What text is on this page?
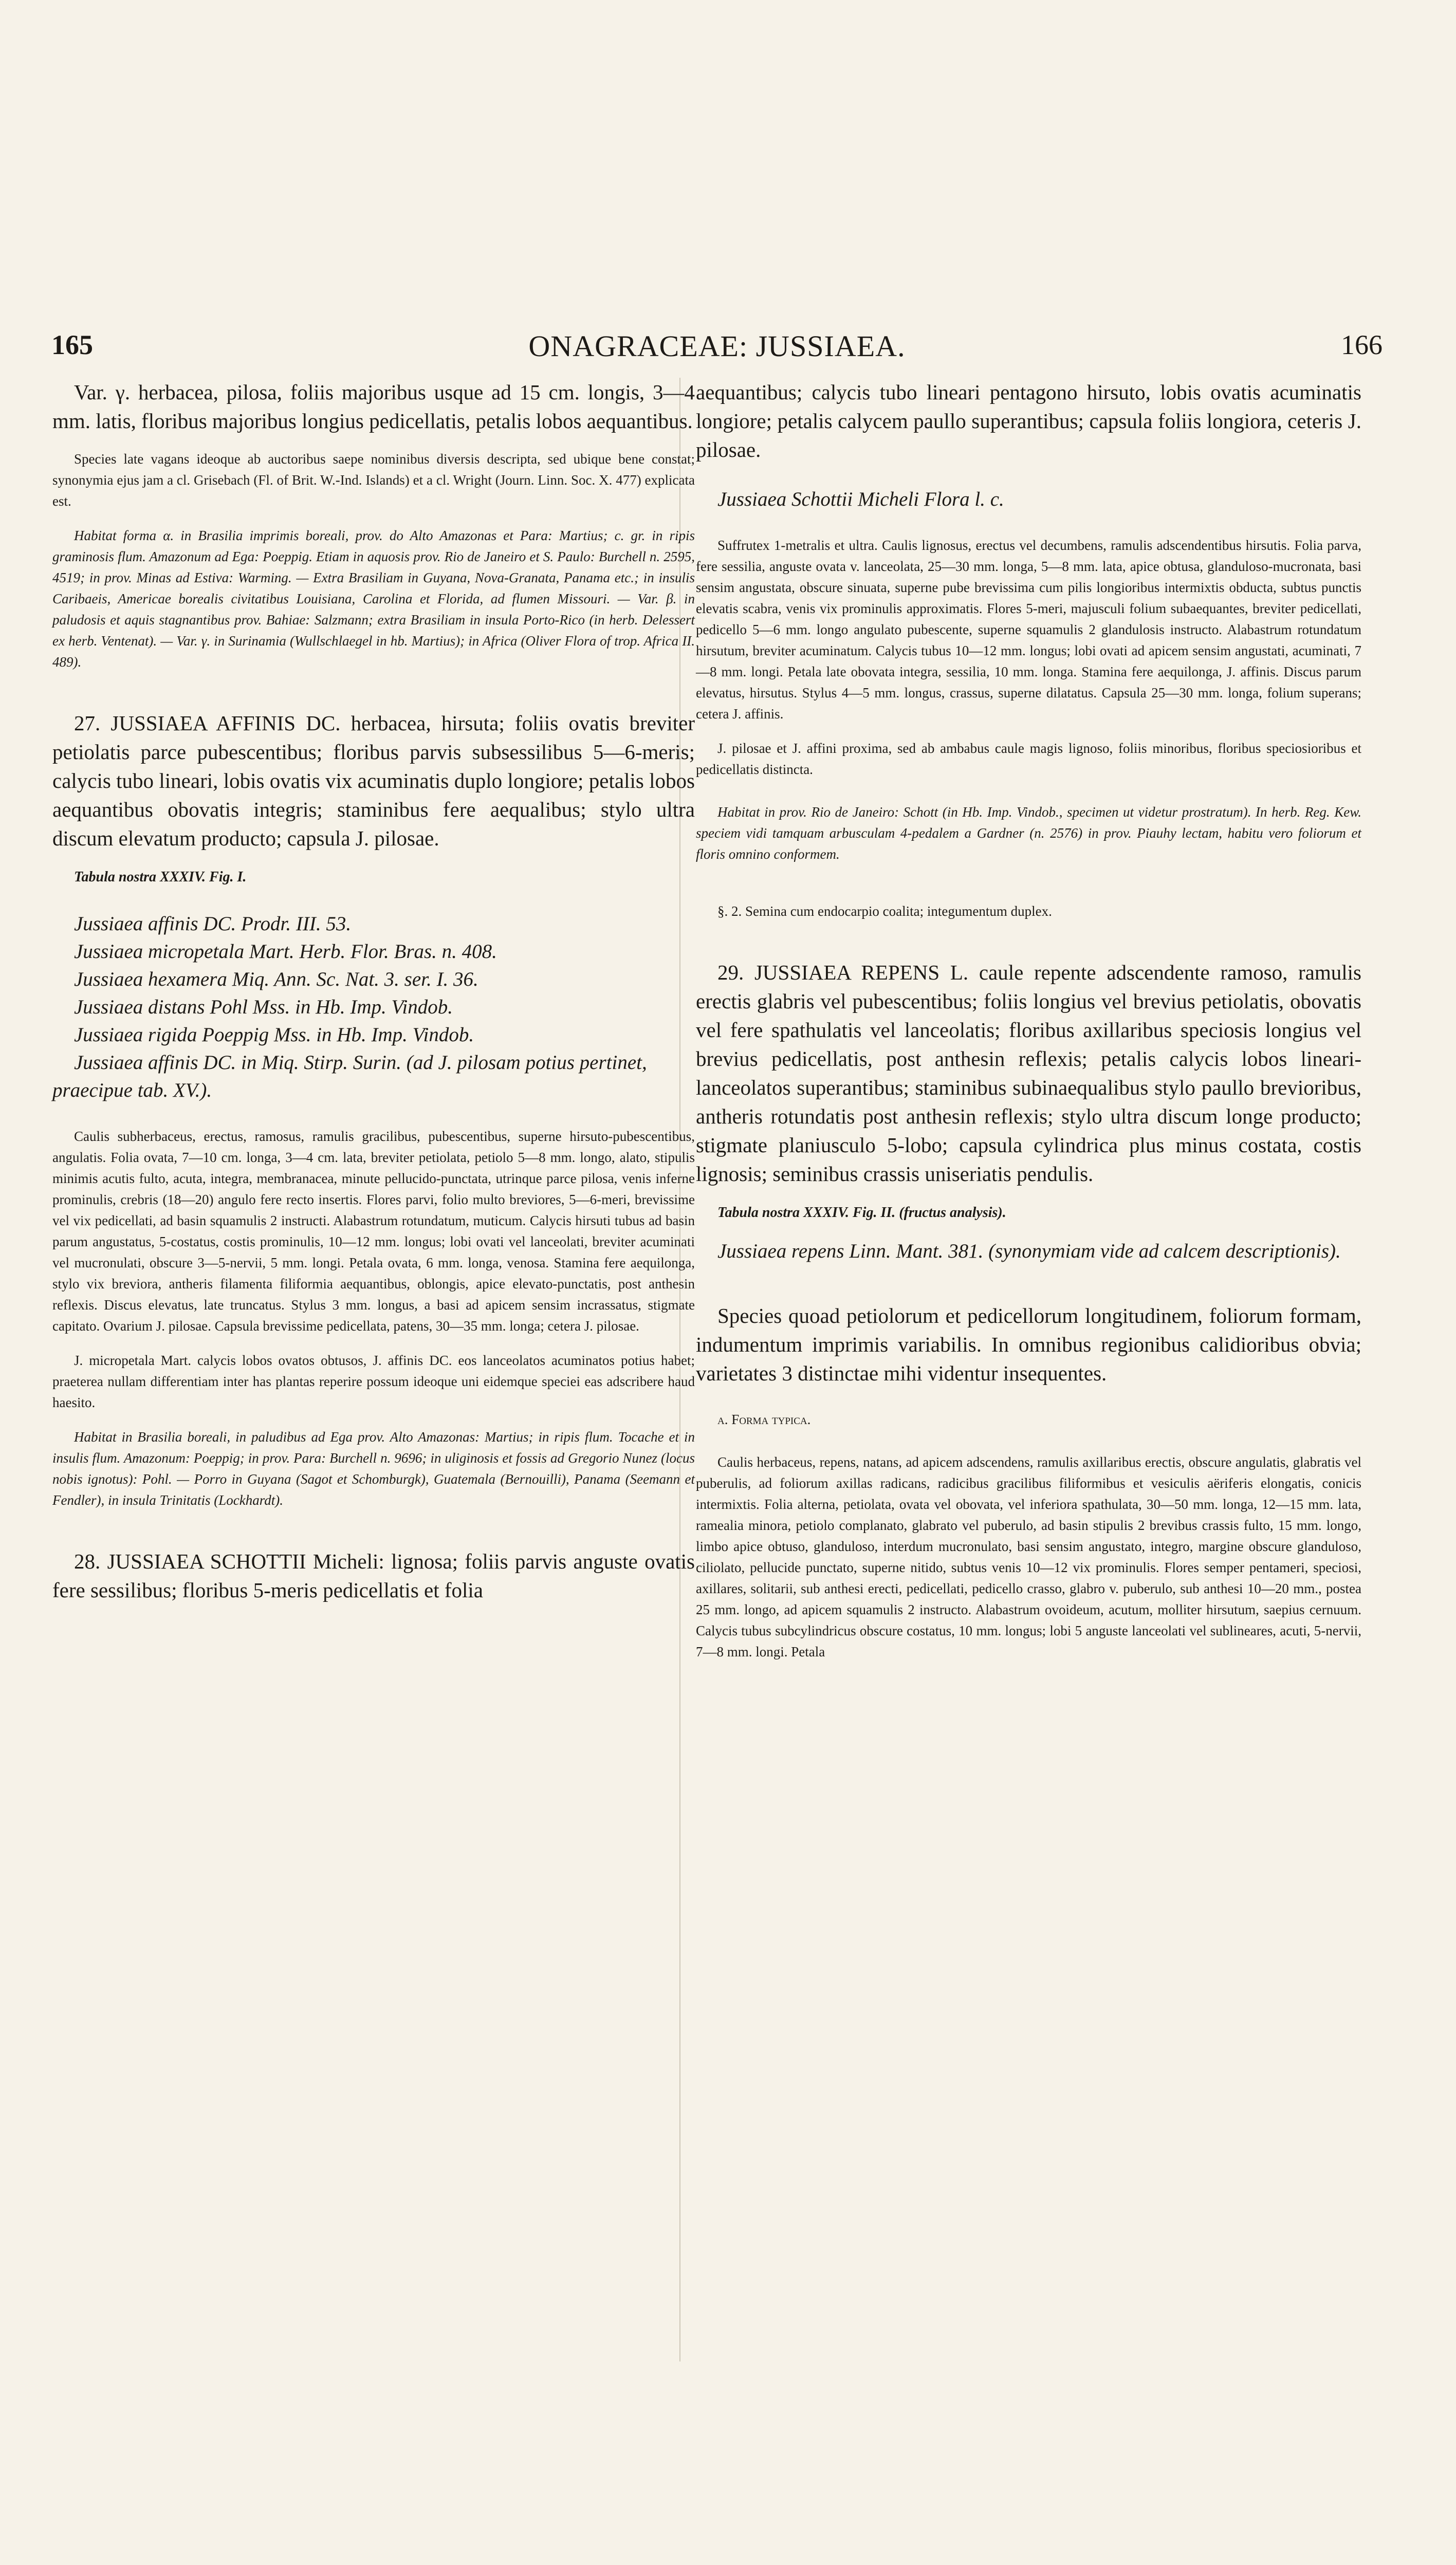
165	ONAGRACEAE: JUSSIAEA.	166

Var. γ. herbacea, pilosa, foliis majoribus usque ad 15 cm. longis, 3—4 mm. latis, floribus majoribus longius pedicellatis, petalis lobos aequantibus.

Species late vagans ideoque ab auctoribus saepe nominibus diversis descripta, sed ubique bene constat; synonymia ejus jam a cl. Grisebach (Fl. of Brit. W.-Ind. Islands) et a cl. Wright (Journ. Linn. Soc. X. 477) explicata est.

Habitat forma α. in Brasilia imprimis boreali, prov. do Alto Amazonas et Para: Martius; c. gr. in ripis graminosis flum. Amazonum ad Ega: Poeppig. Etiam in aquosis prov. Rio de Janeiro et S. Paulo: Burchell n. 2595, 4519; in prov. Minas ad Estiva: Warming. — Extra Brasiliam in Guyana, Nova-Granata, Panama etc.; in insulis Caribaeis, Americae borealis civitatibus Louisiana, Carolina et Florida, ad flumen Missouri. — Var. β. in paludosis et aquis stagnantibus prov. Bahiae: Salzmann; extra Brasiliam in insula Porto-Rico (in herb. Delessert ex herb. Ventenat). — Var. γ. in Surinamia (Wullschlaegel in hb. Martius); in Africa (Oliver Flora of trop. Africa II. 489).

27. JUSSIAEA AFFINIS DC. herbacea, hirsuta; foliis ovatis breviter petiolatis parce pubescentibus; floribus parvis subsessilibus 5—6-meris; calycis tubo lineari, lobis ovatis vix acuminatis duplo longiore; petalis lobos aequantibus obovatis integris; staminibus fere aequalibus; stylo ultra discum elevatum producto; capsula J. pilosae.

Tabula nostra XXXIV. Fig. I.

Jussiaea affinis DC. Prodr. III. 53.

Jussiaea micropetala Mart. Herb. Flor. Bras. n. 408.

Jussiaea hexamera Miq. Ann. Sc. Nat. 3. ser. I. 36.

Jussiaea distans Pohl Mss. in Hb. Imp. Vindob.

Jussiaea rigida Poeppig Mss. in Hb. Imp. Vindob.

Jussiaea affinis DC. in Miq. Stirp. Surin. (ad J. pilosam potius pertinet, praecipue tab. XV.).

Caulis subherbaceus, erectus, ramosus, ramulis gracilibus, pubescentibus, superne hirsuto-pubescentibus, angulatis. Folia ovata, 7—10 cm. longa, 3—4 cm. lata, breviter petiolata, petiolo 5—8 mm. longo, alato, stipulis minimis acutis fulto, acuta, integra, membranacea, minute pellucido-punctata, utrinque parce pilosa, venis inferne prominulis, crebris (18—20) angulo fere recto insertis. Flores parvi, folio multo breviores, 5—6-meri, brevissime vel vix pedicellati, ad basin squamulis 2 instructi. Alabastrum rotundatum, muticum. Calycis hirsuti tubus ad basin parum angustatus, 5-costatus, costis prominulis, 10—12 mm. longus; lobi ovati vel lanceolati, breviter acuminati vel mucronulati, obscure 3—5-nervii, 5 mm. longi. Petala ovata, 6 mm. longa, venosa. Stamina fere aequilonga, stylo vix breviora, antheris filamenta filiformia aequantibus, oblongis, apice elevato-punctatis, post anthesin reflexis. Discus elevatus, late truncatus. Stylus 3 mm. longus, a basi ad apicem sensim incrassatus, stigmate capitato. Ovarium J. pilosae. Capsula brevissime pedicellata, patens, 30—35 mm. longa; cetera J. pilosae.

J. micropetala Mart. calycis lobos ovatos obtusos, J. affinis DC. eos lanceolatos acuminatos potius habet; praeterea nullam differentiam inter has plantas reperire possum ideoque uni eidemque speciei eas adscribere haud haesito.

Habitat in Brasilia boreali, in paludibus ad Ega prov. Alto Amazonas: Martius; in ripis flum. Tocache et in insulis flum. Amazonum: Poeppig; in prov. Para: Burchell n. 9696; in uliginosis et fossis ad Gregorio Nunez (locus nobis ignotus): Pohl. — Porro in Guyana (Sagot et Schomburgk), Guatemala (Bernouilli), Panama (Seemann et Fendler), in insula Trinitatis (Lockhardt).

28. JUSSIAEA SCHOTTII Micheli: lignosa; foliis parvis anguste ovatis fere sessilibus; floribus 5-meris pedicellatis et folia

aequantibus; calycis tubo lineari pentagono hirsuto, lobis ovatis acuminatis longiore; petalis calycem paullo superantibus; capsula foliis longiora, ceteris J. pilosae.

Jussiaea Schottii Micheli Flora l. c.

Suffrutex 1-metralis et ultra. Caulis lignosus, erectus vel decumbens, ramulis adscendentibus hirsutis. Folia parva, fere sessilia, anguste ovata v. lanceolata, 25—30 mm. longa, 5—8 mm. lata, apice obtusa, glanduloso-mucronata, basi sensim angustata, obscure sinuata, superne pube brevissima cum pilis longioribus intermixtis obducta, subtus punctis elevatis scabra, venis vix prominulis approximatis. Flores 5-meri, majusculi folium subaequantes, breviter pedicellati, pedicello 5—6 mm. longo angulato pubescente, superne squamulis 2 glandulosis instructo. Alabastrum rotundatum hirsutum, breviter acuminatum. Calycis tubus 10—12 mm. longus; lobi ovati ad apicem sensim angustati, acuminati, 7—8 mm. longi. Petala late obovata integra, sessilia, 10 mm. longa. Stamina fere aequilonga, J. affinis. Discus parum elevatus, hirsutus. Stylus 4—5 mm. longus, crassus, superne dilatatus. Capsula 25—30 mm. longa, folium superans; cetera J. affinis.

J. pilosae et J. affini proxima, sed ab ambabus caule magis lignoso, foliis minoribus, floribus speciosioribus et pedicellatis distincta.

Habitat in prov. Rio de Janeiro: Schott (in Hb. Imp. Vindob., specimen ut videtur prostratum). In herb. Reg. Kew. speciem vidi tamquam arbusculam 4-pedalem a Gardner (n. 2576) in prov. Piauhy lectam, habitu vero foliorum et floris omnino conformem.

§. 2. Semina cum endocarpio coalita; integumentum duplex.

29. JUSSIAEA REPENS L. caule repente adscendente ramoso, ramulis erectis glabris vel pubescentibus; foliis longius vel brevius petiolatis, obovatis vel fere spathulatis vel lanceolatis; floribus axillaribus speciosis longius vel brevius pedicellatis, post anthesin reflexis; petalis calycis lobos lineari-lanceolatos superantibus; staminibus subinaequalibus stylo paullo brevioribus, antheris rotundatis post anthesin reflexis; stylo ultra discum longe producto; stigmate planiusculo 5-lobo; capsula cylindrica plus minus costata, costis lignosis; seminibus crassis uniseriatis pendulis.

Tabula nostra XXXIV. Fig. II. (fructus analysis).

Jussiaea repens Linn. Mant. 381. (synonymiam vide ad calcem descriptionis).

Species quoad petiolorum et pedicellorum longitudinem, foliorum formam, indumentum imprimis variabilis. In omnibus regionibus calidioribus obvia; varietates 3 distinctae mihi videntur insequentes.

α. Forma typica.

Caulis herbaceus, repens, natans, ad apicem adscendens, ramulis axillaribus erectis, obscure angulatis, glabratis vel puberulis, ad foliorum axillas radicans, radicibus gracilibus filiformibus et vesiculis aëriferis elongatis, conicis intermixtis. Folia alterna, petiolata, ovata vel obovata, vel inferiora spathulata, 30—50 mm. longa, 12—15 mm. lata, ramealia minora, petiolo complanato, glabrato vel puberulo, ad basin stipulis 2 brevibus crassis fulto, 15 mm. longo, limbo apice obtuso, glanduloso, interdum mucronulato, basi sensim angustato, integro, margine obscure glanduloso, ciliolato, pellucide punctato, superne nitido, subtus venis 10—12 vix prominulis. Flores semper pentameri, speciosi, axillares, solitarii, sub anthesi erecti, pedicellati, pedicello crasso, glabro v. puberulo, sub anthesi 10—20 mm., postea 25 mm. longo, ad apicem squamulis 2 instructo. Alabastrum ovoideum, acutum, molliter hirsutum, saepius cernuum. Calycis tubus subcylindricus obscure costatus, 10 mm. longus; lobi 5 anguste lanceolati vel sublineares, acuti, 5-nervii, 7—8 mm. longi. Petala
